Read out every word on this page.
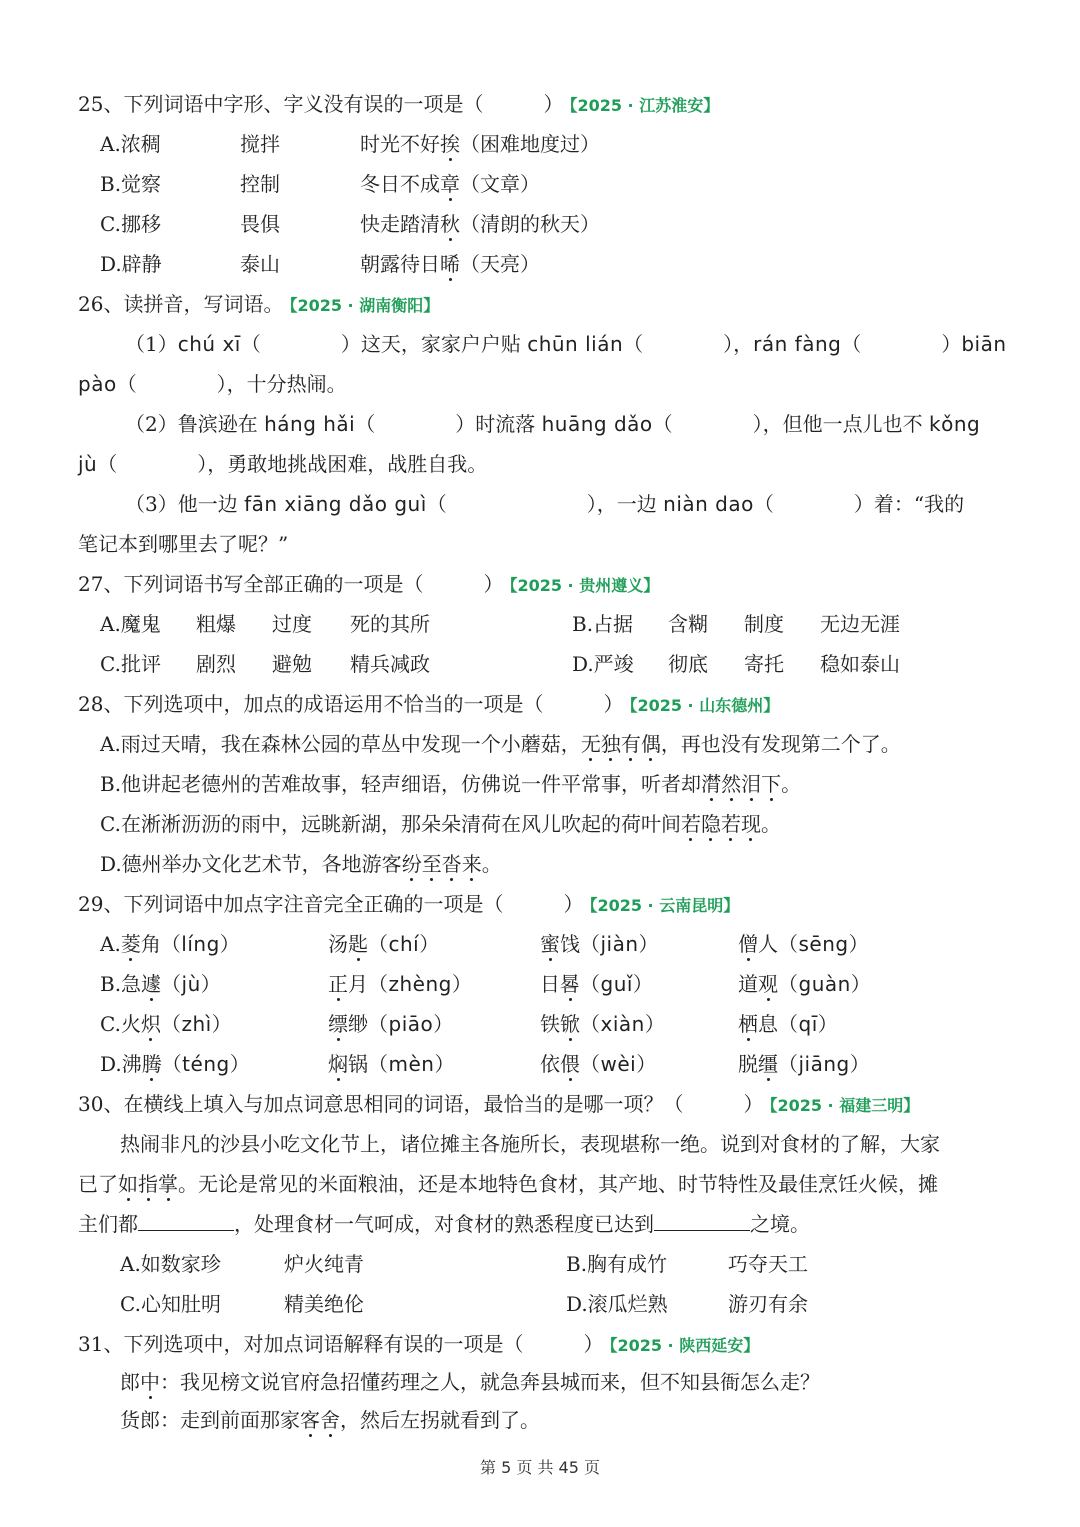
25、下列词语中字形、字义没有误的一项是（　　　） 【2025 · 江苏淮安】
A.浓稠	搅拌	时光不好挨（困难地度过）
B.觉察	控制	冬日不成章（文章）
C.挪移	畏俱	快走踏清秋（清朗的秋天）
D.辟静	泰山	朝露待日晞（天亮）
26、读拼音，写词语。 【2025 · 湖南衡阳】
（1）chú xī（　　　　）这天，家家户户贴 chūn lián（　　　　），rán fàng（　　　　）biān
pào（　　　　），十分热闹。
（2）鲁滨逊在 háng hǎi（　　　　）时流落 huāng dǎo（　　　　），但他一点儿也不 kǒng
jù（　　　　），勇敢地挑战困难，战胜自我。
（3）他一边 fān xiāng dǎo guì（　　　　　　　），一边 niàn dao（　　　　）着：“我的
笔记本到哪里去了呢？”
27、下列词语书写全部正确的一项是（　　　） 【2025 · 贵州遵义】
A.魔鬼 粗爆 过度 死的其所	B.占据 含糊 制度 无边无涯
C.批评 剧烈 避勉 精兵减政	D.严竣 彻底 寄托 稳如泰山
28、下列选项中，加点的成语运用不恰当的一项是（　　　） 【2025 · 山东德州】
A.雨过天晴，我在森林公园的草丛中发现一个小蘑菇，无独有偶，再也没有发现第二个了。
B.他讲起老德州的苦难故事，轻声细语，仿佛说一件平常事，听者却潸然泪下。
C.在淅淅沥沥的雨中，远眺新湖，那朵朵清荷在风儿吹起的荷叶间若隐若现。
D.德州举办文化艺术节，各地游客纷至沓来。
29、下列词语中加点字注音完全正确的一项是（　　　） 【2025 · 云南昆明】
A.菱角（líng）	汤匙（chí）	蜜饯（jiàn）	僧人（sēng）
B.急遽（jù）	正月（zhèng）	日晷（guǐ）	道观（guàn）
C.火炽（zhì）	缥缈（piāo）	铁锨（xiàn）	栖息（qī）
D.沸腾（téng）	焖锅（mèn）	依偎（wèi）	脱缰（jiāng）
30、在横线上填入与加点词意思相同的词语，最恰当的是哪一项？（　　　） 【2025 · 福建三明】
热闹非凡的沙县小吃文化节上，诸位摊主各施所长，表现堪称一绝。说到对食材的了解，大家
已了如指掌。无论是常见的米面粮油，还是本地特色食材，其产地、时节特性及最佳烹饪火候，摊
主们都	，处理食材一气呵成，对食材的熟悉程度已达到	之境。
A.如数家珍	炉火纯青	B.胸有成竹	巧夺天工
C.心知肚明	精美绝伦	D.滚瓜烂熟	游刃有余
31、下列选项中，对加点词语解释有误的一项是（　　　） 【2025 · 陕西延安】
郎中：我见榜文说官府急招懂药理之人，就急奔县城而来，但不知县衙怎么走？
货郎：走到前面那家客舍，然后左拐就看到了。
第 5 页 共 45 页
